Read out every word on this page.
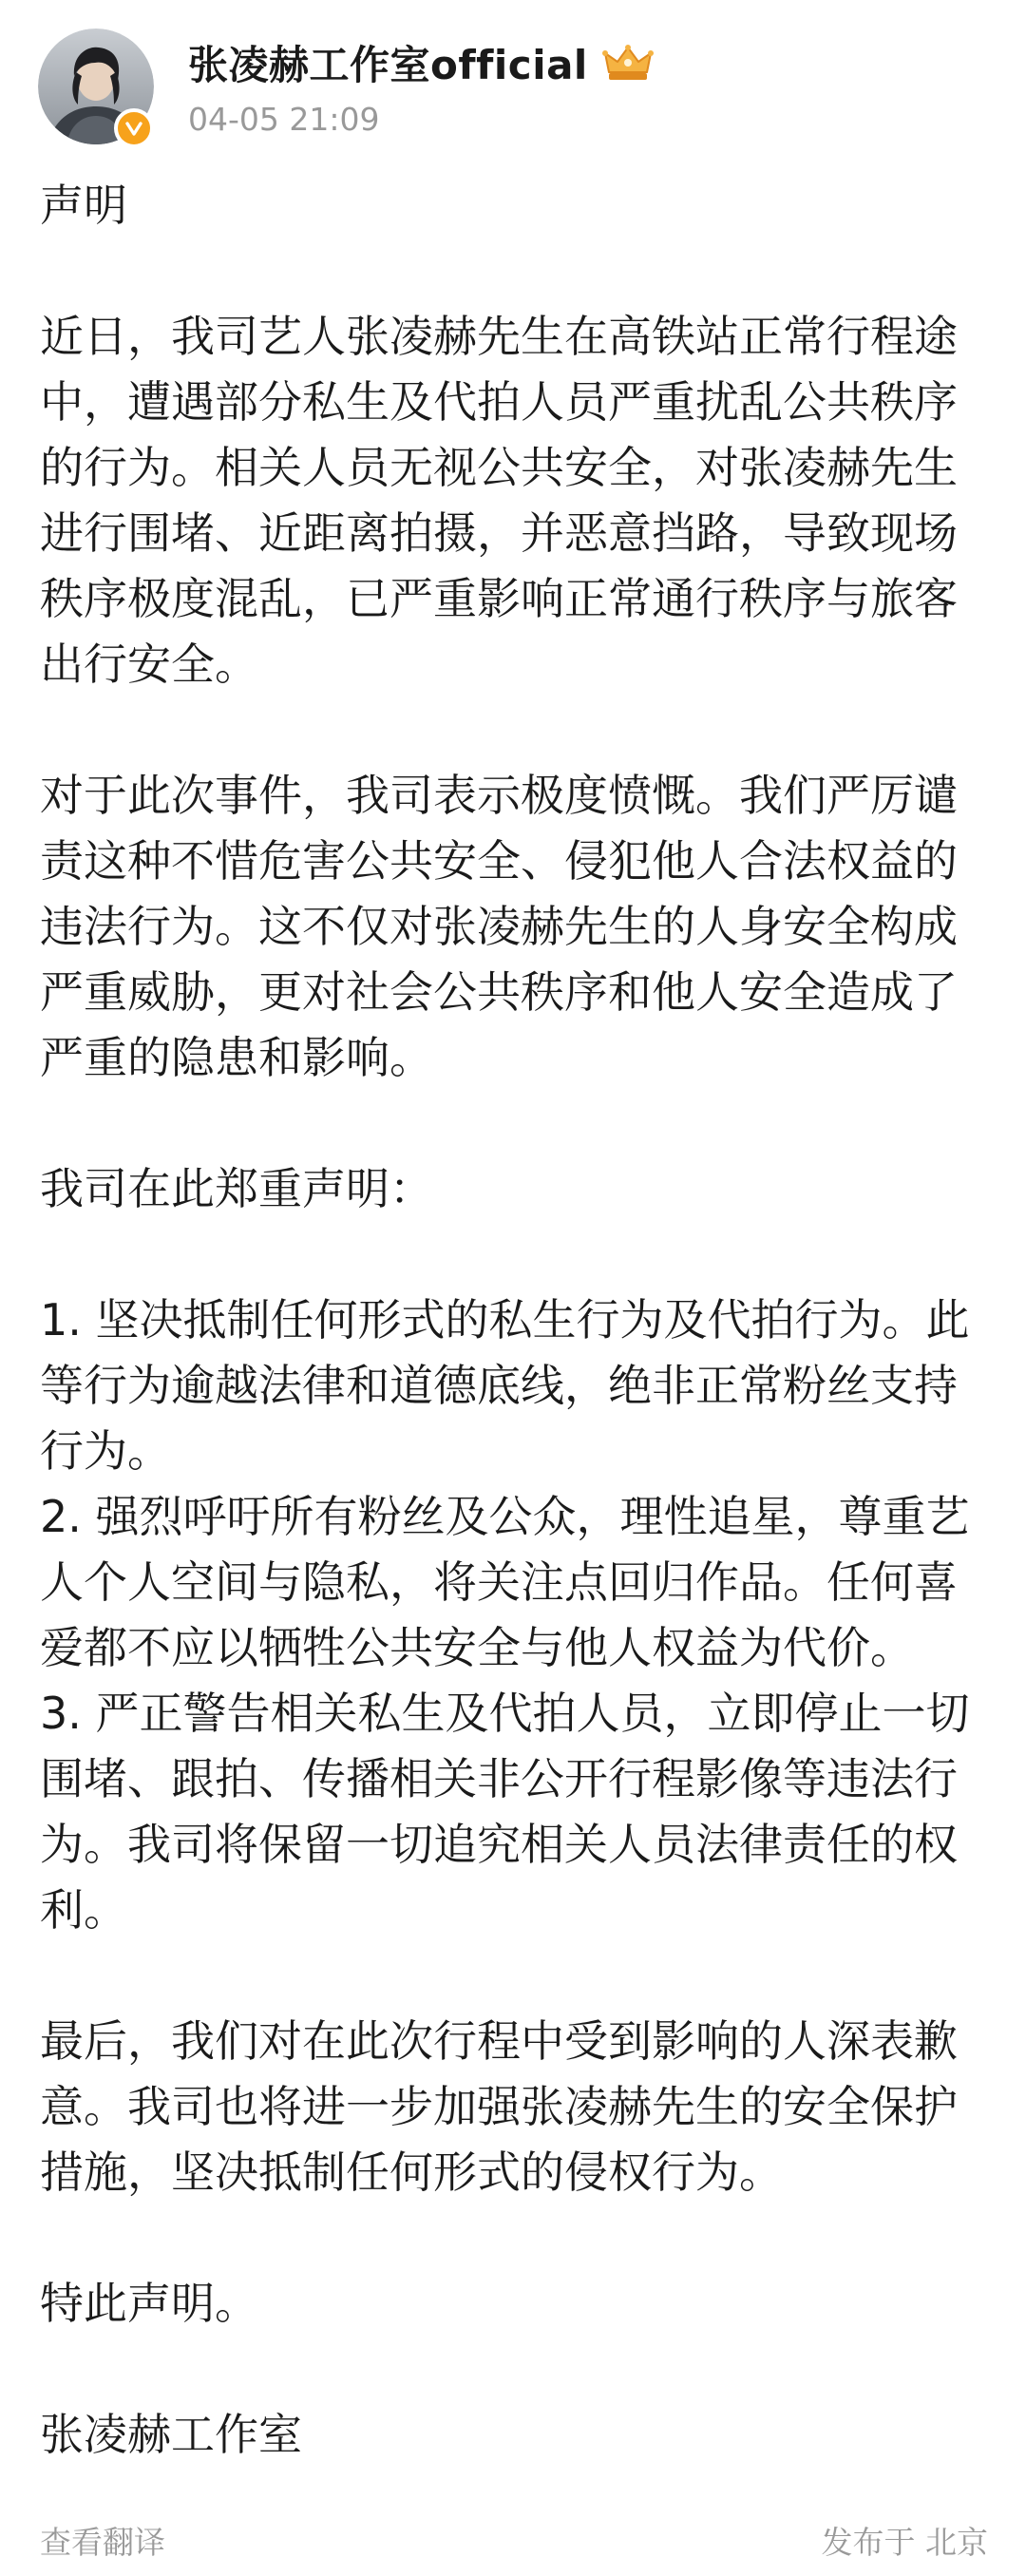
张凌赫工作室official
04-05 21:09

声明

近日，我司艺人张凌赫先生在高铁站正常行程途中，遭遇部分私生及代拍人员严重扰乱公共秩序的行为。相关人员无视公共安全，对张凌赫先生进行围堵、近距离拍摄，并恶意挡路，导致现场秩序极度混乱，已严重影响正常通行秩序与旅客出行安全。

对于此次事件，我司表示极度愤慨。我们严厉谴责这种不惜危害公共安全、侵犯他人合法权益的违法行为。这不仅对张凌赫先生的人身安全构成严重威胁，更对社会公共秩序和他人安全造成了严重的隐患和影响。

我司在此郑重声明：

1. 坚决抵制任何形式的私生行为及代拍行为。此等行为逾越法律和道德底线，绝非正常粉丝支持行为。

2. 强烈呼吁所有粉丝及公众，理性追星，尊重艺人个人空间与隐私，将关注点回归作品。任何喜爱都不应以牺牲公共安全与他人权益为代价。

3. 严正警告相关私生及代拍人员，立即停止一切围堵、跟拍、传播相关非公开行程影像等违法行为。我司将保留一切追究相关人员法律责任的权利。

最后，我们对在此次行程中受到影响的人深表歉意。我司也将进一步加强张凌赫先生的安全保护措施，坚决抵制任何形式的侵权行为。

特此声明。

张凌赫工作室

查看翻译	发布于 北京
